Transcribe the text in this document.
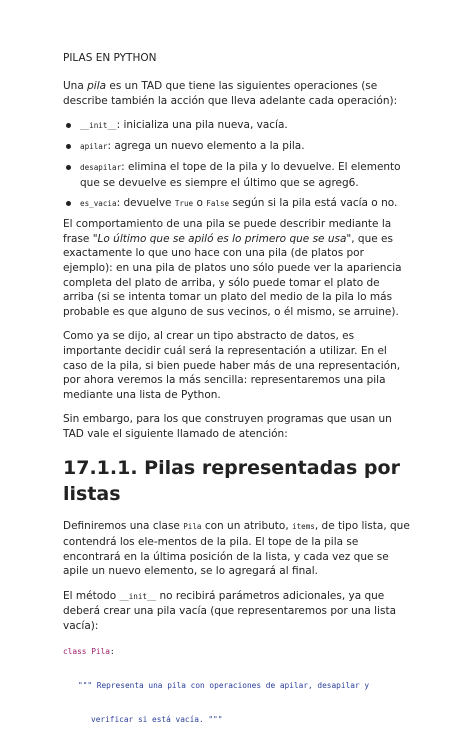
PILAS EN PYTHON

Una pila es un TAD que tiene las siguientes operaciones (se describe también la acción que lleva adelante cada operación):

__init__: inicializa una pila nueva, vacía.
apilar: agrega un nuevo elemento a la pila.
desapilar: elimina el tope de la pila y lo devuelve. El elemento que se devuelve es siempre el último que se agreg6.
es_vacia: devuelve True o False según si la pila está vacía o no.

El comportamiento de una pila se puede describir mediante la frase "Lo último que se apiló es lo primero que se usa", que es exactamente lo que uno hace con una pila (de platos por ejemplo): en una pila de platos uno sólo puede ver la apariencia completa del plato de arriba, y sólo puede tomar el plato de arriba (si se intenta tomar un plato del medio de la pila lo más probable es que alguno de sus vecinos, o él mismo, se arruine).

Como ya se dijo, al crear un tipo abstracto de datos, es importante decidir cuál será la representación a utilizar. En el caso de la pila, si bien puede haber más de una representación, por ahora veremos la más sencilla: representaremos una pila mediante una lista de Python.

Sin embargo, para los que construyen programas que usan un TAD vale el siguiente llamado de atención:

17.1.1. Pilas representadas por listas

Definiremos una clase Pila con un atributo, items, de tipo lista, que contendrá los ele-mentos de la pila. El tope de la pila se encontrará en la última posición de la lista, y cada vez que se apile un nuevo elemento, se lo agregará al final.

El método __init__ no recibirá parámetros adicionales, ya que deberá crear una pila vacía (que representaremos por una lista vacía):

class Pila:
""" Representa una pila con operaciones de apilar, desapilar y
verificar si está vacía. """
